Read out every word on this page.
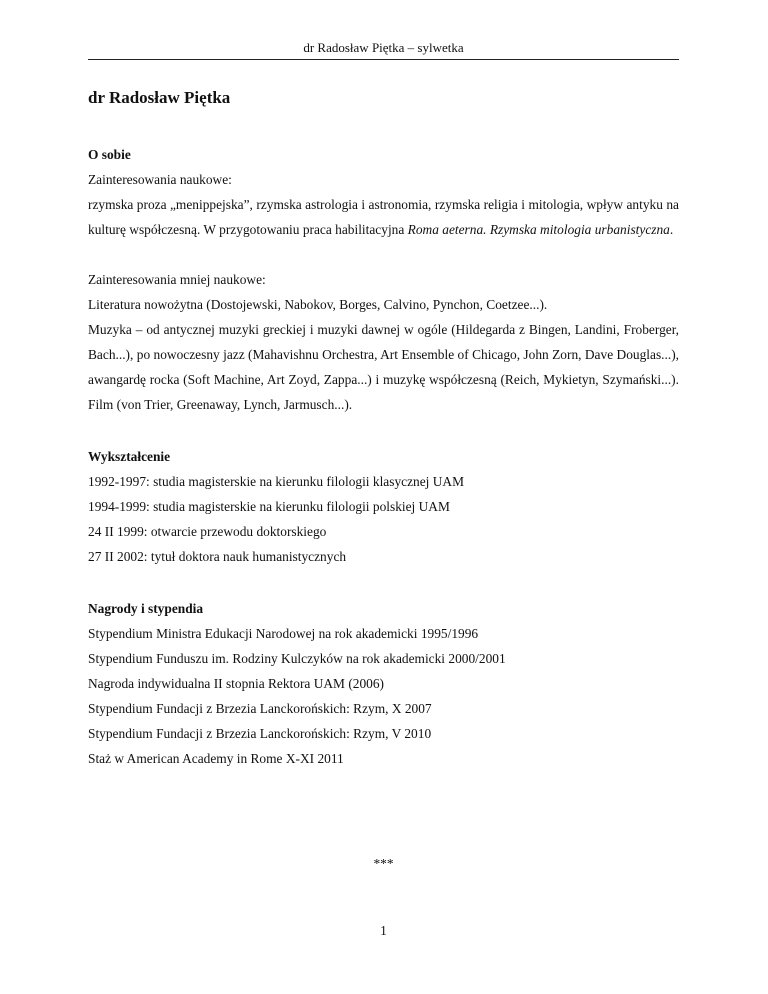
dr Radosław Piętka – sylwetka
dr Radosław Piętka

O sobie

Zainteresowania naukowe:

rzymska proza „menippejska”, rzymska astrologia i astronomia, rzymska religia i mitologia, wpływ antyku na kulturę współczesną. W przygotowaniu praca habilitacyjna Roma aeterna. Rzymska mitologia urbanistyczna.

Zainteresowania mniej naukowe:

Literatura nowożytna (Dostojewski, Nabokov, Borges, Calvino, Pynchon, Coetzee...).

Muzyka – od antycznej muzyki greckiej i muzyki dawnej w ogóle (Hildegarda z Bingen, Landini, Froberger, Bach...), po nowoczesny jazz (Mahavishnu Orchestra, Art Ensemble of Chicago, John Zorn, Dave Douglas...), awangardę rocka (Soft Machine, Art Zoyd, Zappa...) i muzykę współczesną (Reich, Mykietyn, Szymański...). Film (von Trier, Greenaway, Lynch, Jarmusch...).

Wykształcenie

1992-1997: studia magisterskie na kierunku filologii klasycznej UAM

1994-1999: studia magisterskie na kierunku filologii polskiej UAM

24 II 1999: otwarcie przewodu doktorskiego

27 II 2002: tytuł doktora nauk humanistycznych

Nagrody i stypendia

Stypendium Ministra Edukacji Narodowej na rok akademicki 1995/1996

Stypendium Funduszu im. Rodziny Kulczyków na rok akademicki 2000/2001

Nagroda indywidualna II stopnia Rektora UAM (2006)

Stypendium Fundacji z Brzezia Lanckorońskich: Rzym, X 2007

Stypendium Fundacji z Brzezia Lanckorońskich: Rzym, V 2010

Staż w American Academy in Rome X-XI 2011

***
1
